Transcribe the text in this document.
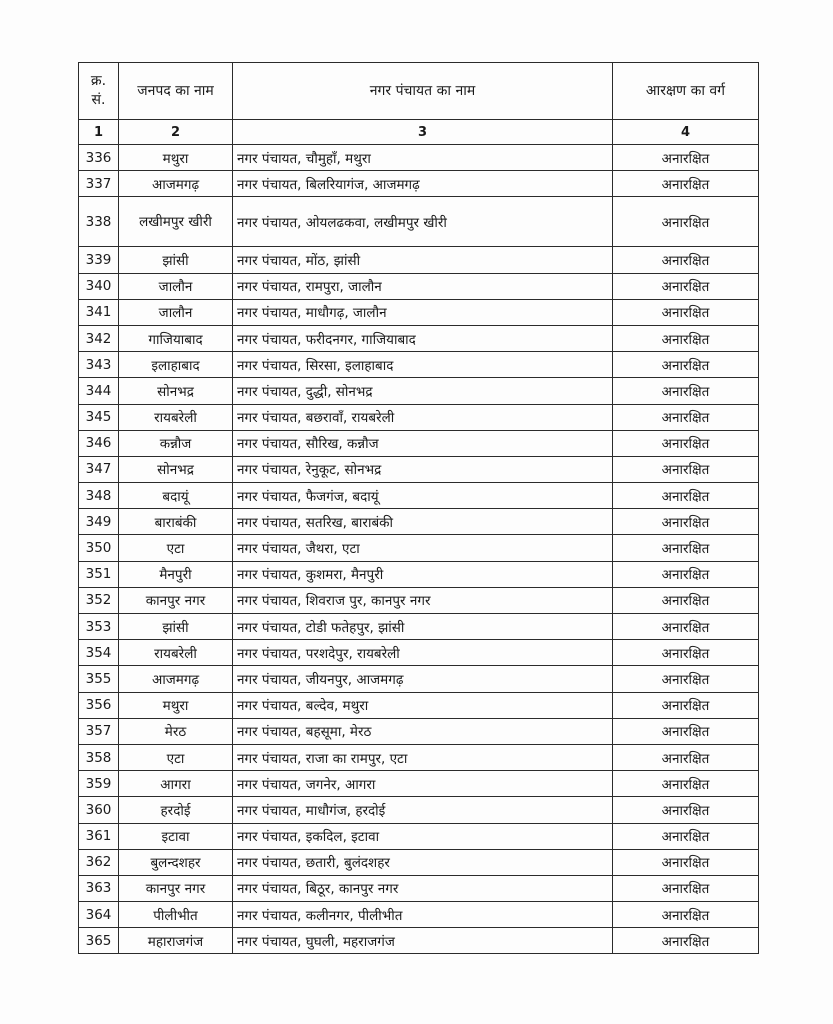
क्र. सं.	जनपद का नाम	नगर पंचायत का नाम	आरक्षण का वर्ग
1	2	3	4
336	मथुरा	नगर पंचायत, चौमुहाँ, मथुरा	अनारक्षित
337	आजमगढ़	नगर पंचायत, बिलरियागंज, आजमगढ़	अनारक्षित
338	लखीमपुर खीरी	नगर पंचायत, ओयलढकवा, लखीमपुर खीरी	अनारक्षित
339	झांसी	नगर पंचायत, मोंठ, झांसी	अनारक्षित
340	जालौन	नगर पंचायत, रामपुरा, जालौन	अनारक्षित
341	जालौन	नगर पंचायत, माधौगढ़, जालौन	अनारक्षित
342	गाजियाबाद	नगर पंचायत, फरीदनगर, गाजियाबाद	अनारक्षित
343	इलाहाबाद	नगर पंचायत, सिरसा, इलाहाबाद	अनारक्षित
344	सोनभद्र	नगर पंचायत, दुद्धी, सोनभद्र	अनारक्षित
345	रायबरेली	नगर पंचायत, बछरावाँ, रायबरेली	अनारक्षित
346	कन्नौज	नगर पंचायत, सौरिख, कन्नौज	अनारक्षित
347	सोनभद्र	नगर पंचायत, रेनुकूट, सोनभद्र	अनारक्षित
348	बदायूं	नगर पंचायत, फैजगंज, बदायूं	अनारक्षित
349	बाराबंकी	नगर पंचायत, सतरिख, बाराबंकी	अनारक्षित
350	एटा	नगर पंचायत, जैथरा, एटा	अनारक्षित
351	मैनपुरी	नगर पंचायत, कुशमरा, मैनपुरी	अनारक्षित
352	कानपुर नगर	नगर पंचायत, शिवराज पुर, कानपुर नगर	अनारक्षित
353	झांसी	नगर पंचायत, टोडी फतेहपुर, झांसी	अनारक्षित
354	रायबरेली	नगर पंचायत, परशदेपुर, रायबरेली	अनारक्षित
355	आजमगढ़	नगर पंचायत, जीयनपुर, आजमगढ़	अनारक्षित
356	मथुरा	नगर पंचायत, बल्देव, मथुरा	अनारक्षित
357	मेरठ	नगर पंचायत, बहसूमा, मेरठ	अनारक्षित
358	एटा	नगर पंचायत, राजा का रामपुर, एटा	अनारक्षित
359	आगरा	नगर पंचायत, जगनेर, आगरा	अनारक्षित
360	हरदोई	नगर पंचायत, माधौगंज, हरदोई	अनारक्षित
361	इटावा	नगर पंचायत, इकदिल, इटावा	अनारक्षित
362	बुलन्दशहर	नगर पंचायत, छतारी, बुलंदशहर	अनारक्षित
363	कानपुर नगर	नगर पंचायत, बिठूर, कानपुर नगर	अनारक्षित
364	पीलीभीत	नगर पंचायत, कलीनगर, पीलीभीत	अनारक्षित
365	महाराजगंज	नगर पंचायत, घुघली, महराजगंज	अनारक्षित
